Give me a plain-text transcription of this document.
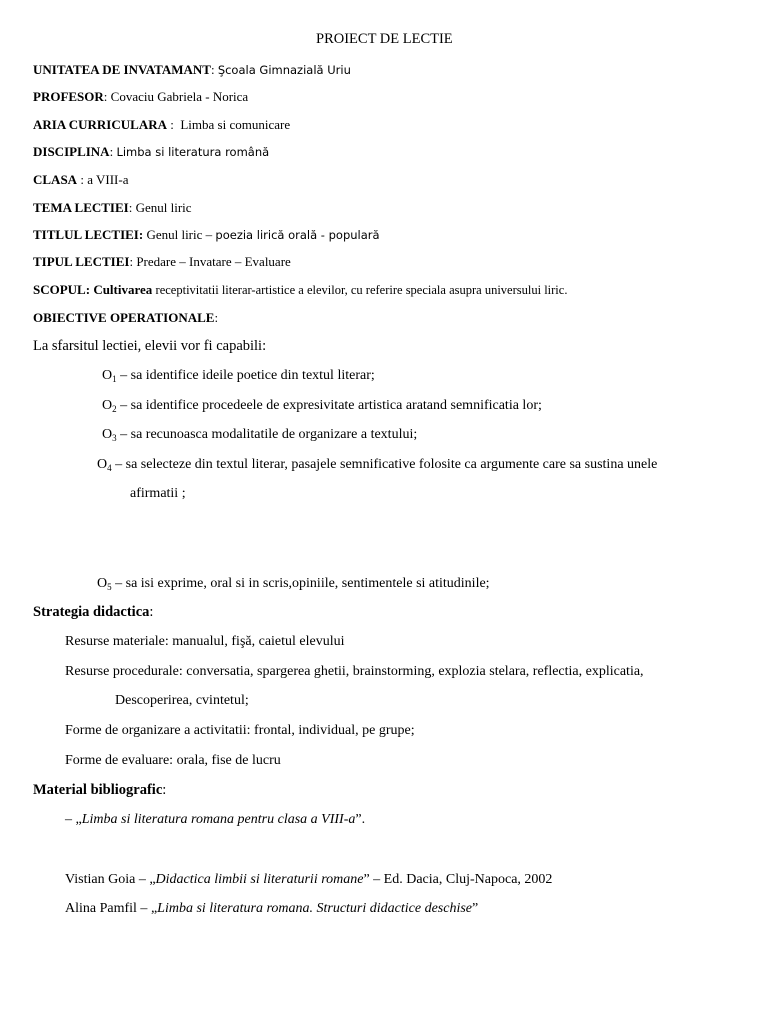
PROIECT DE LECTIE
UNITATEA DE INVATAMANT: Şcoala Gimnazială Uriu
PROFESOR: Covaciu Gabriela - Norica
ARIA CURRICULARA :  Limba si comunicare
DISCIPLINA: Limba si literatura română
CLASA : a VIII-a
TEMA LECTIEI: Genul liric
TITLUL LECTIEI: Genul liric – poezia lirică orală - populară
TIPUL LECTIEI: Predare – Invatare – Evaluare
SCOPUL: Cultivarea receptivitatii literar-artistice a elevilor, cu referire speciala asupra universului liric.
OBIECTIVE OPERATIONALE:
La sfarsitul lectiei, elevii vor fi capabili:
$O_1$ – sa identifice ideile poetice din textul literar;
$O_2$ – sa identifice procedeele de expresivitate artistica aratand semnificatia lor;
$O_3$ – sa recunoasca modalitatile de organizare a textului;
$O_4$ – sa selecteze din textul literar, pasajele semnificative folosite ca argumente care sa sustina unele
afirmatii ;
$O_5$ – sa isi exprime, oral si in scris,opiniile, sentimentele si atitudinile;
Strategia didactica:
Resurse materiale: manualul, fişă, caietul elevului
Resurse procedurale: conversatia, spargerea ghetii, brainstorming, explozia stelara, reflectia, explicatia,
Descoperirea, cvintetul;
Forme de organizare a activitatii: frontal, individual, pe grupe;
Forme de evaluare: orala, fise de lucru
Material bibliografic:
– „Limba si literatura romana pentru clasa a VIII-a”.
Vistian Goia – „Didactica limbii si literaturii romane” – Ed. Dacia, Cluj-Napoca, 2002
Alina Pamfil – „Limba si literatura romana. Structuri didactice deschise”
